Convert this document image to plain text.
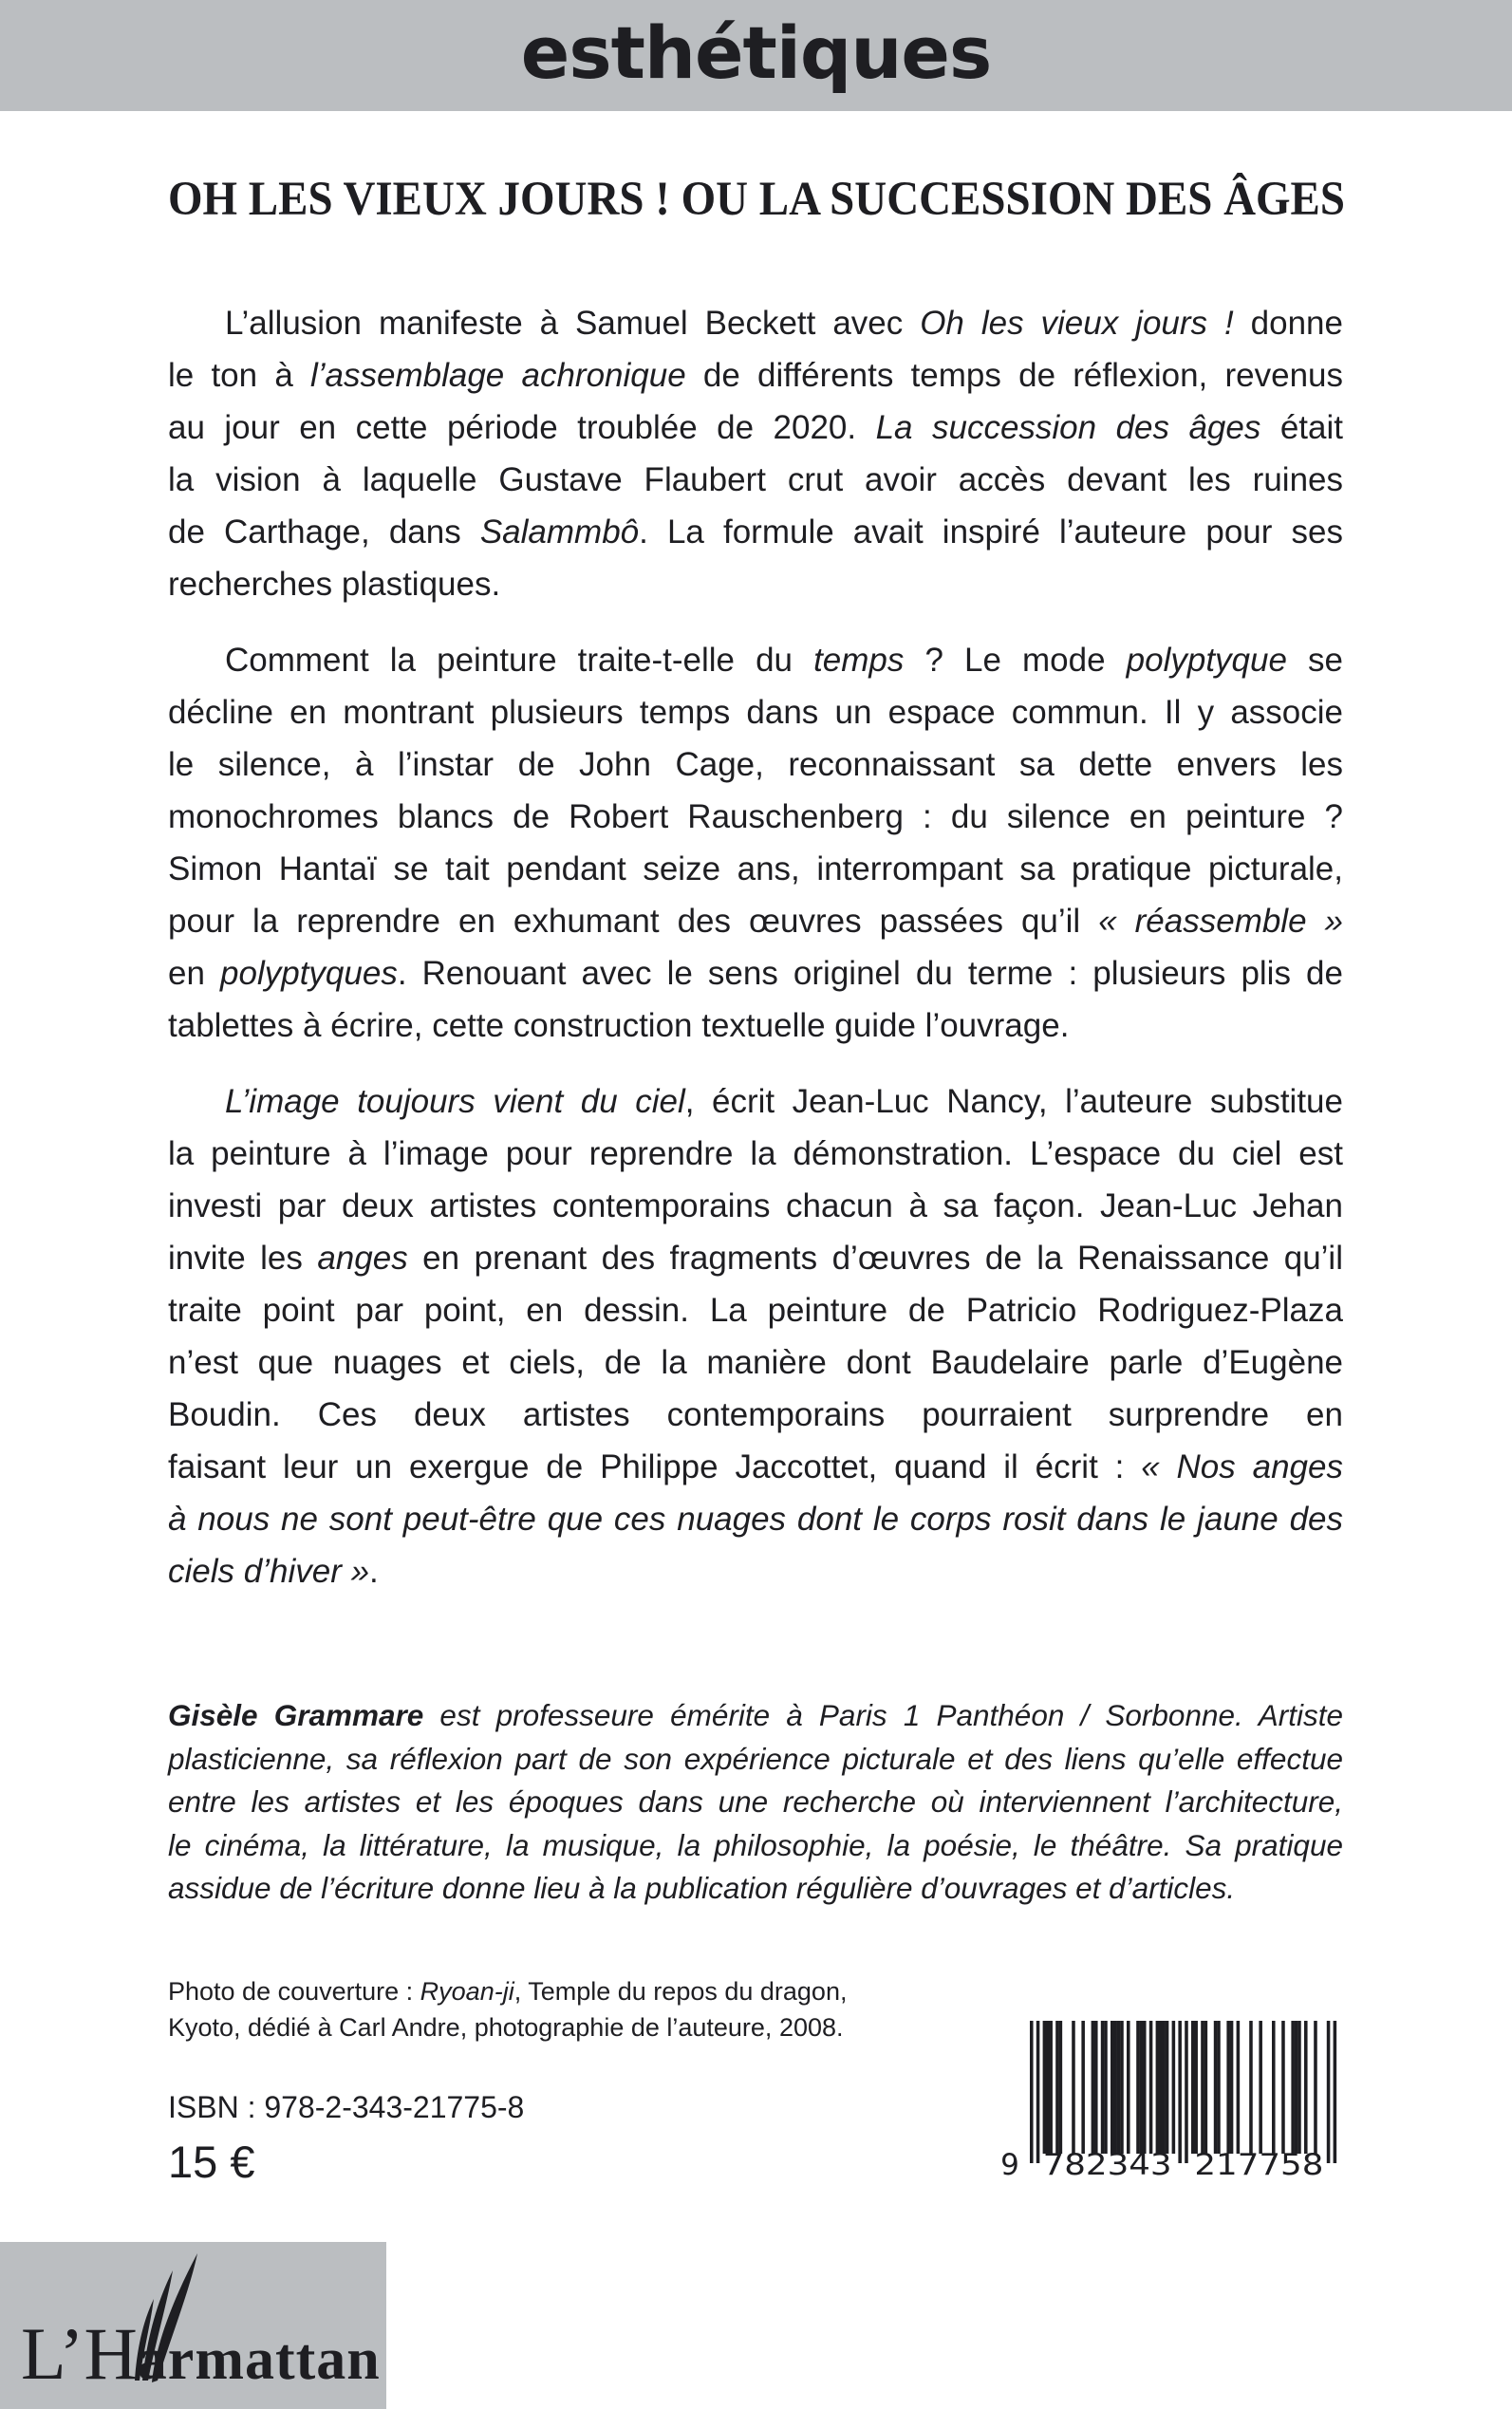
esthétiques
OH LES VIEUX JOURS ! OU LA SUCCESSION DES ÂGES
L’allusion manifeste à Samuel Beckett avec Oh les vieux jours ! donne
le ton à l’assemblage achronique de différents temps de réflexion, revenus
au jour en cette période troublée de 2020. La succession des âges était
la vision à laquelle Gustave Flaubert crut avoir accès devant les ruines
de Carthage, dans Salammbô. La formule avait inspiré l’auteure pour ses
recherches plastiques.
Comment la peinture traite-t-elle du temps ? Le mode polyptyque se
décline en montrant plusieurs temps dans un espace commun. Il y associe
le silence, à l’instar de John Cage, reconnaissant sa dette envers les
monochromes blancs de Robert Rauschenberg : du silence en peinture ?
Simon Hantaï se tait pendant seize ans, interrompant sa pratique picturale,
pour la reprendre en exhumant des œuvres passées qu’il « réassemble »
en polyptyques. Renouant avec le sens originel du terme : plusieurs plis de
tablettes à écrire, cette construction textuelle guide l’ouvrage.
L’image toujours vient du ciel, écrit Jean-Luc Nancy, l’auteure substitue
la peinture à l’image pour reprendre la démonstration. L’espace du ciel est
investi par deux artistes contemporains chacun à sa façon. Jean-Luc Jehan
invite les anges en prenant des fragments d’œuvres de la Renaissance qu’il
traite point par point, en dessin. La peinture de Patricio Rodriguez-Plaza
n’est que nuages et ciels, de la manière dont Baudelaire parle d’Eugène
Boudin. Ces deux artistes contemporains pourraient surprendre en
faisant leur un exergue de Philippe Jaccottet, quand il écrit : « Nos anges
à nous ne sont peut-être que ces nuages dont le corps rosit dans le jaune des
ciels d’hiver ».
Gisèle Grammare est professeure émérite à Paris 1 Panthéon / Sorbonne. Artiste
plasticienne, sa réflexion part de son expérience picturale et des liens qu’elle effectue
entre les artistes et les époques dans une recherche où interviennent l’architecture,
le cinéma, la littérature, la musique, la philosophie, la poésie, le théâtre. Sa pratique
assidue de l’écriture donne lieu à la publication régulière d’ouvrages et d’articles.
Photo de couverture : Ryoan-ji, Temple du repos du dragon,
Kyoto, dédié à Carl Andre, photographie de l’auteure, 2008.
ISBN : 978-2-343-21775-8
15 €	9 782343 217758
L’Harmattan
